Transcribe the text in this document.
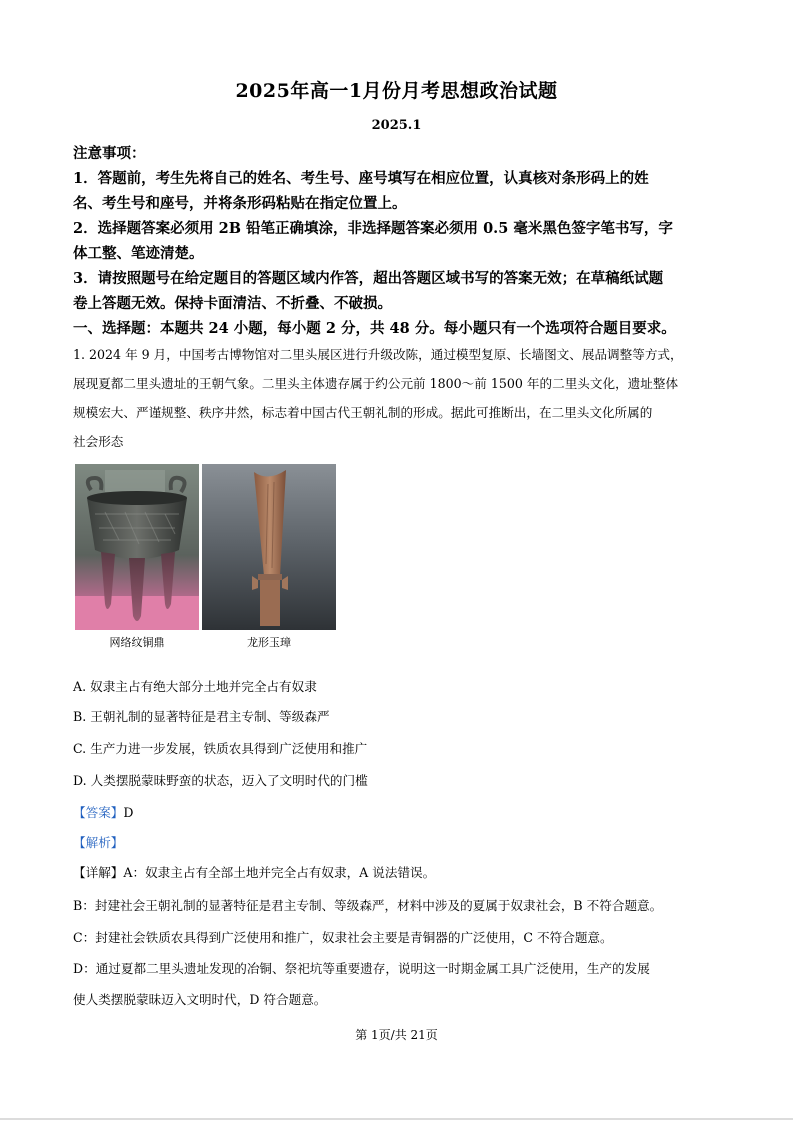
2025年高一1月份月考思想政治试题
2025.1
注意事项：
1．答题前，考生先将自己的姓名、考生号、座号填写在相应位置，认真核对条形码上的姓
名、考生号和座号，并将条形码粘贴在指定位置上。
2．选择题答案必须用 2B 铅笔正确填涂，非选择题答案必须用 0.5 毫米黑色签字笔书写，字
体工整、笔迹清楚。
3．请按照题号在给定题目的答题区域内作答，超出答题区域书写的答案无效；在草稿纸试题
卷上答题无效。保持卡面清洁、不折叠、不破损。
一、选择题：本题共 24 小题，每小题 2 分，共 48 分。每小题只有一个选项符合题目要求。
1. 2024 年 9 月，中国考古博物馆对二里头展区进行升级改陈，通过模型复原、长墙图文、展品调整等方式，
展现夏都二里头遗址的王朝气象。二里头主体遗存属于约公元前 1800～前 1500 年的二里头文化，遗址整体
规模宏大、严谨规整、秩序井然，标志着中国古代王朝礼制的形成。据此可推断出，在二里头文化所属的
社会形态
网络纹铜鼎	龙形玉璋
A. 奴隶主占有绝大部分土地并完全占有奴隶
B. 王朝礼制的显著特征是君主专制、等级森严
C. 生产力进一步发展，铁质农具得到广泛使用和推广
D. 人类摆脱蒙昧野蛮的状态，迈入了文明时代的门槛
【答案】D
【解析】
【详解】A：奴隶主占有全部土地并完全占有奴隶，A 说法错误。
B：封建社会王朝礼制的显著特征是君主专制、等级森严，材料中涉及的夏属于奴隶社会，B 不符合题意。
C：封建社会铁质农具得到广泛使用和推广，奴隶社会主要是青铜器的广泛使用，C 不符合题意。
D：通过夏都二里头遗址发现的冶铜、祭祀坑等重要遗存，说明这一时期金属工具广泛使用，生产的发展
使人类摆脱蒙昧迈入文明时代，D 符合题意。
第 1页/共 21页
